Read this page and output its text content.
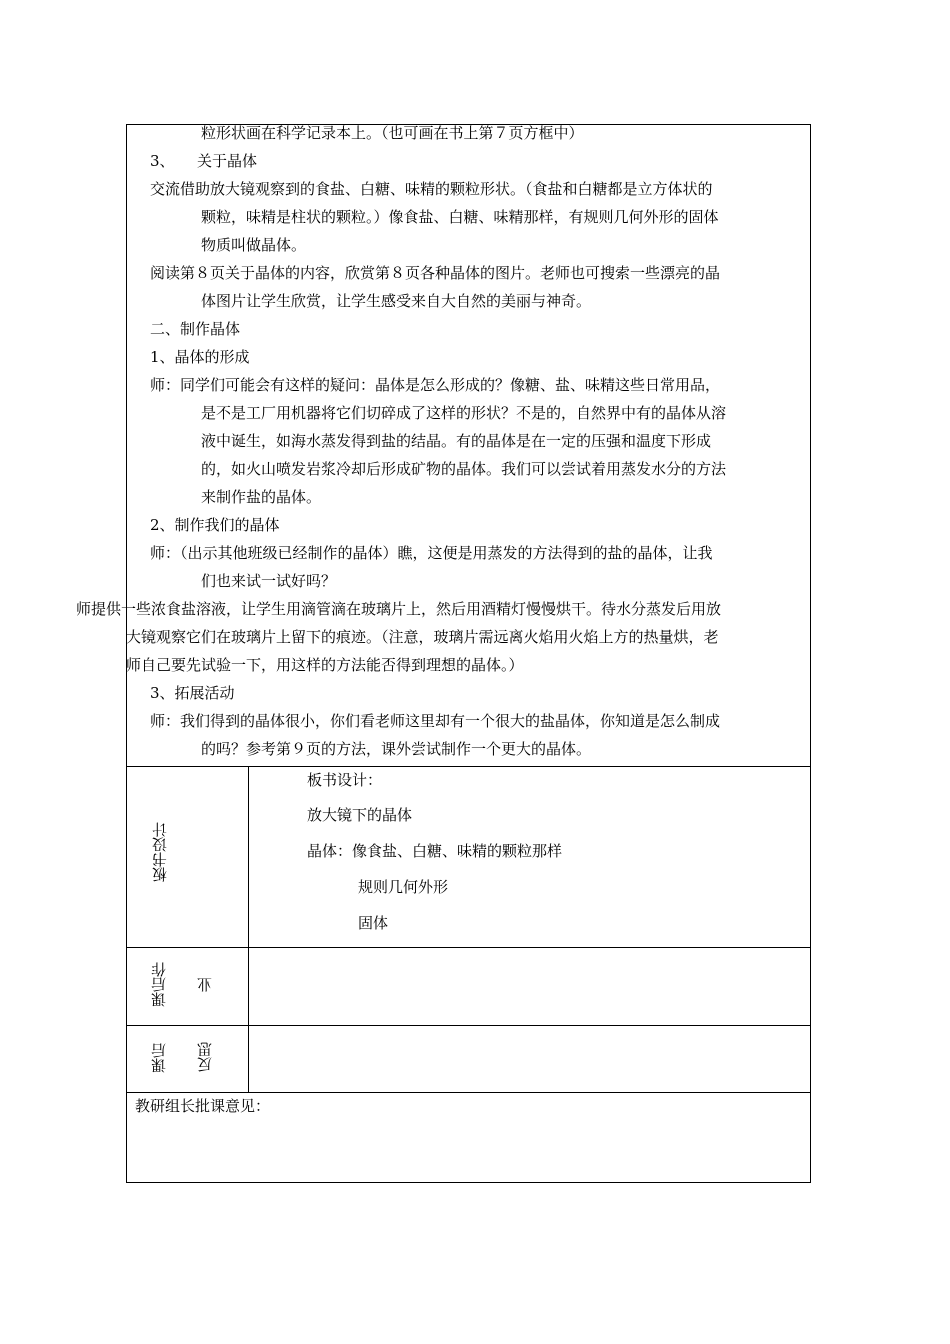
粒形状画在科学记录本上。（也可画在书上第７页方框中）
3、　　关于晶体
交流借助放大镜观察到的食盐、白糖、味精的颗粒形状。（食盐和白糖都是立方体状的
颗粒，味精是柱状的颗粒。）像食盐、白糖、味精那样，有规则几何外形的固体
物质叫做晶体。
阅读第８页关于晶体的内容，欣赏第８页各种晶体的图片。老师也可搜索一些漂亮的晶
体图片让学生欣赏，让学生感受来自大自然的美丽与神奇。
二、制作晶体
1、晶体的形成
师：同学们可能会有这样的疑问：晶体是怎么形成的？像糖、盐、味精这些日常用品，
是不是工厂用机器将它们切碎成了这样的形状？不是的，自然界中有的晶体从溶
液中诞生，如海水蒸发得到盐的结晶。有的晶体是在一定的压强和温度下形成
的，如火山喷发岩浆冷却后形成矿物的晶体。我们可以尝试着用蒸发水分的方法
来制作盐的晶体。
2、制作我们的晶体
师：（出示其他班级已经制作的晶体）瞧，这便是用蒸发的方法得到的盐的晶体，让我
们也来试一试好吗？
师提供一些浓食盐溶液，让学生用滴管滴在玻璃片上，然后用酒精灯慢慢烘干。待水分蒸发后用放
大镜观察它们在玻璃片上留下的痕迹。（注意，玻璃片需远离火焰用火焰上方的热量烘，老
师自己要先试验一下，用这样的方法能否得到理想的晶体。）
3、拓展活动
师：我们得到的晶体很小，你们看老师这里却有一个很大的盐晶体，你知道是怎么制成
的吗？参考第９页的方法，课外尝试制作一个更大的晶体。
板书设计
板书设计：
放大镜下的晶体
晶体：像食盐、白糖、味精的颗粒那样
规则几何外形
固体
课后作 业
课后 反思
教研组长批课意见：
